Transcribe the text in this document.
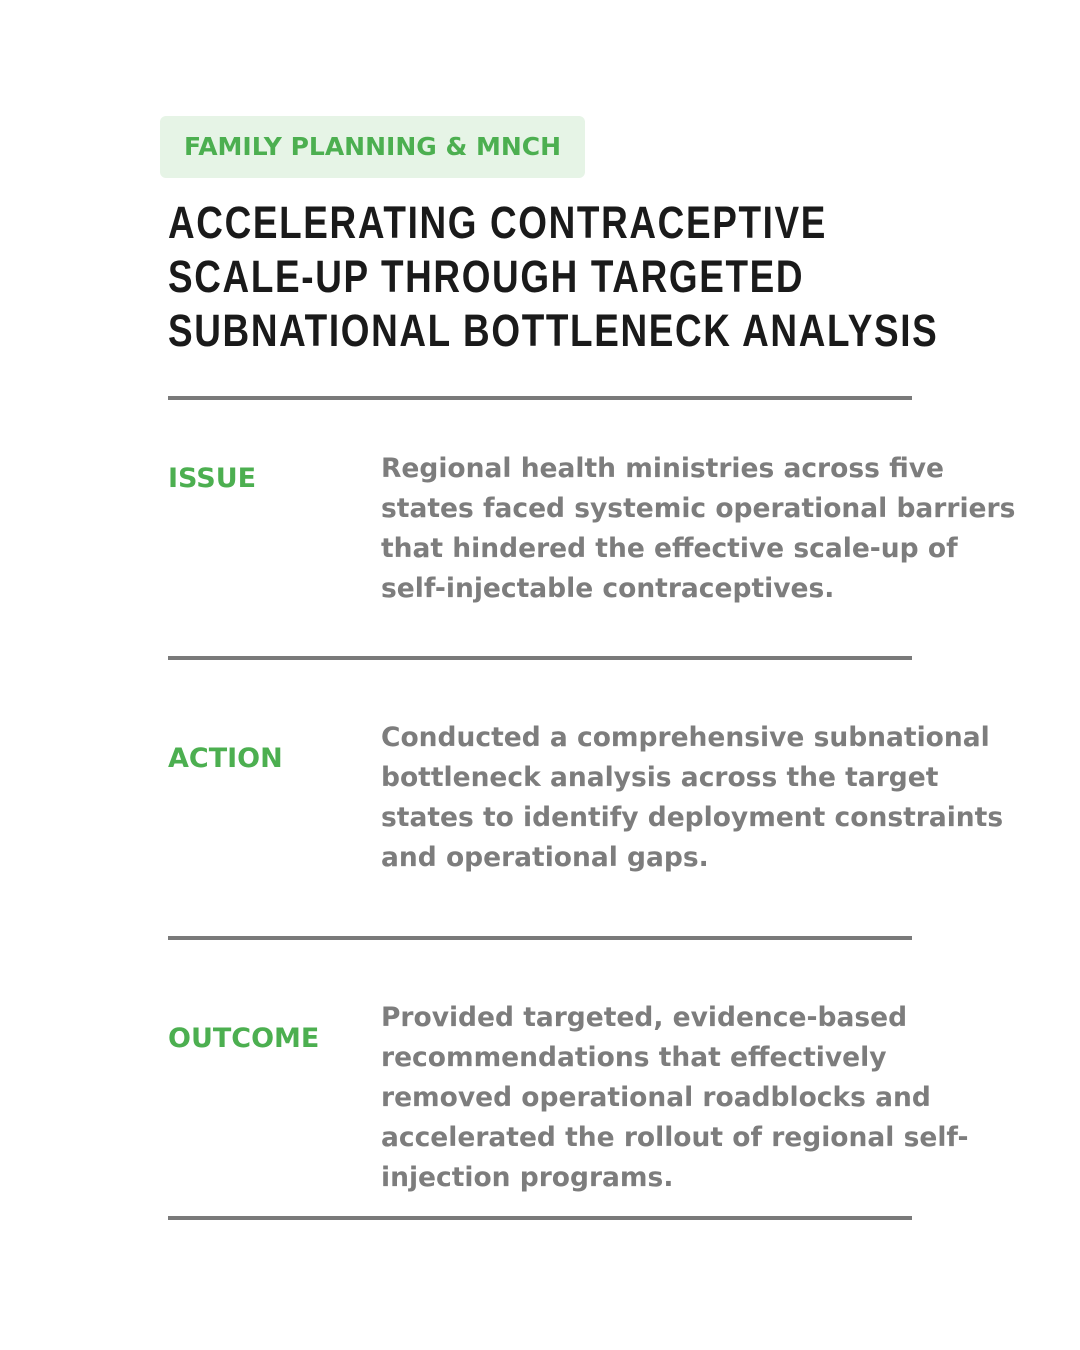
FAMILY PLANNING & MNCH
ACCELERATING CONTRACEPTIVE SCALE-UP THROUGH TARGETED SUBNATIONAL BOTTLENECK ANALYSIS
ISSUE	Regional health ministries across five states faced systemic operational barriers that hindered the effective scale-up of self-injectable contraceptives.

ACTION

Conducted a comprehensive subnational bottleneck analysis across the target states to identify deployment constraints and operational gaps.

OUTCOME

Provided targeted, evidence-based recommendations that effectively removed operational roadblocks and accelerated the rollout of regional self-injection programs.
